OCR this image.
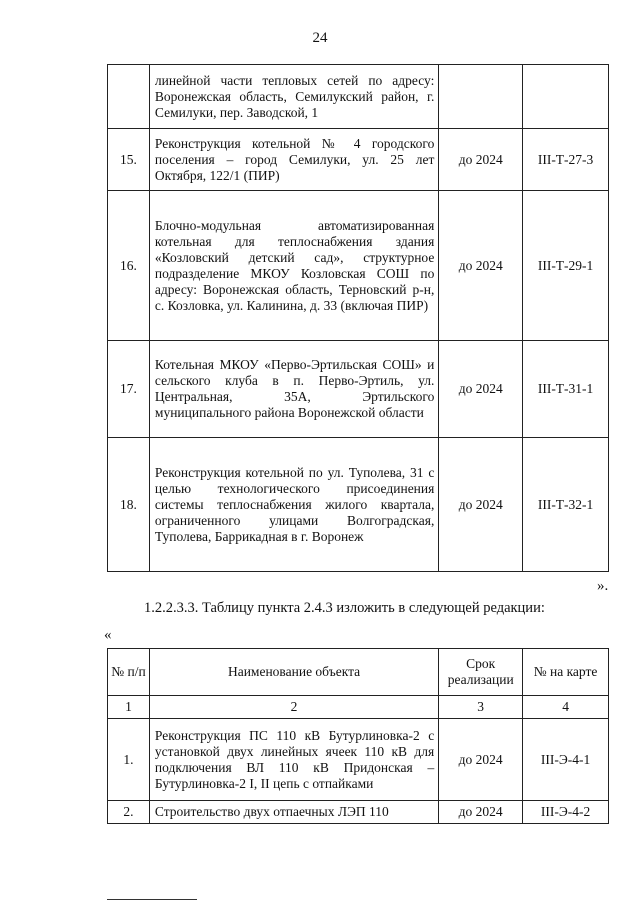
24
	линейной части тепловых сетей по адресу: Воронежская область, Семилукский район, г. Семилуки, пер. Заводской, 1		
15.	Реконструкция котельной № 4 городского поселения – город Семилуки, ул. 25 лет Октября, 122/1 (ПИР)	до 2024	III-Т-27-3
16.	Блочно-модульная автоматизированная котельная для теплоснабжения здания «Козловский детский сад», структурное подразделение МКОУ Козловская СОШ по адресу: Воронежская область, Терновский р-н, с. Козловка, ул. Калинина, д. 33 (включая ПИР)	до 2024	III-Т-29-1
17.	Котельная МКОУ «Перво-Эртильская СОШ» и сельского клуба в п. Перво-Эртиль, ул. Центральная, 35А, Эртильского муниципального района Воронежской области	до 2024	III-Т-31-1
18.	Реконструкция котельной по ул. Туполева, 31 с целью технологического присоединения системы теплоснабжения жилого квартала, ограниченного улицами Волгоградская, Туполева, Баррикадная в г. Воронеж	до 2024	III-Т-32-1
».
1.2.2.3.3. Таблицу пункта 2.4.3 изложить в следующей редакции:
«
№ п/п	Наименование объекта	Срок реализации	№ на карте
1	2	3	4
1.	Реконструкция ПС 110 кВ Бутурлиновка-2 с установкой двух линейных ячеек 110 кВ для подключения ВЛ 110 кВ Придонская – Бутурлиновка-2 I, II цепь с отпайками	до 2024	III-Э-4-1
2.	Строительство двух отпаечных ЛЭП 110	до 2024	III-Э-4-2
